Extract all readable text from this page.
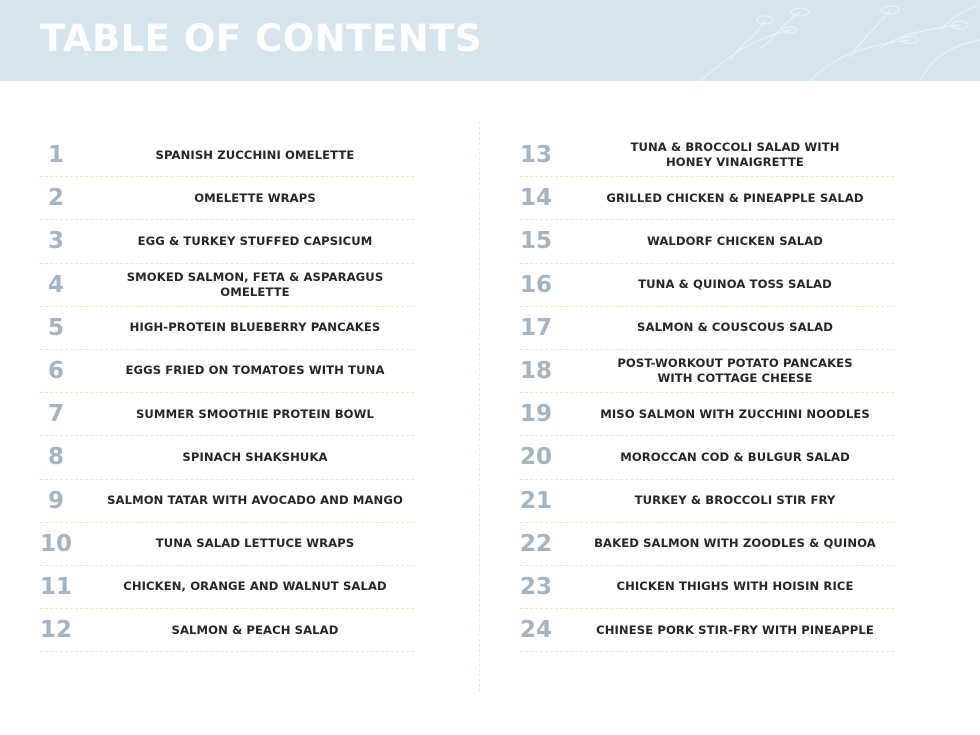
TABLE OF CONTENTS
1	SPANISH ZUCCHINI OMELETTE
2	OMELETTE WRAPS
3	EGG & TURKEY STUFFED CAPSICUM
4	SMOKED SALMON, FETA & ASPARAGUS OMELETTE
5	HIGH-PROTEIN BLUEBERRY PANCAKES
6	EGGS FRIED ON TOMATOES WITH TUNA
7	SUMMER SMOOTHIE PROTEIN BOWL
8	SPINACH SHAKSHUKA
9	SALMON TATAR WITH AVOCADO AND MANGO
10	TUNA SALAD LETTUCE WRAPS
11	CHICKEN, ORANGE AND WALNUT SALAD
12	SALMON & PEACH SALAD
13	TUNA & BROCCOLI SALAD WITH
HONEY VINAIGRETTE
14	GRILLED CHICKEN & PINEAPPLE SALAD
15	WALDORF CHICKEN SALAD
16	TUNA & QUINOA TOSS SALAD
17	SALMON & COUSCOUS SALAD
18	POST-WORKOUT POTATO PANCAKES
WITH COTTAGE CHEESE
19	MISO SALMON WITH ZUCCHINI NOODLES
20	MOROCCAN COD & BULGUR SALAD
21	TURKEY & BROCCOLI STIR FRY
22	BAKED SALMON WITH ZOODLES & QUINOA
23	CHICKEN THIGHS WITH HOISIN RICE
24	CHINESE PORK STIR-FRY WITH PINEAPPLE
